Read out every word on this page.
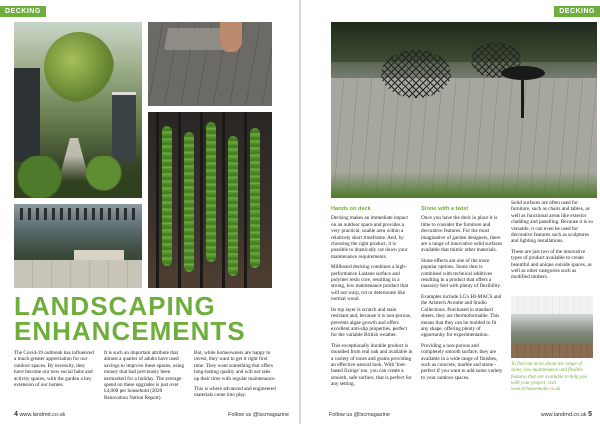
DECKING
LANDSCAPING
ENHANCEMENTS

The Covid-19 outbreak has influenced a much greater appreciation for our outdoor spaces. By necessity, they have become our new social hubs and activity spaces, with the garden a key extension of our homes.

It is such an important attribute that almost a quarter of adults have used savings to improve these spaces, using money that had previously been earmarked for a holiday. The average spend on these upgrades is just over £4,000 per household (2020 Renovation Nation Report).

But, while homeowners are happy to invest, they want to get it right first time. They want something that offers long-lasting quality and will not take up their time with regular maintenance.

This is where advanced and engineered materials come into play.

4 www.landmd.co.uk	Follow us @lscmagazine
DECKING
Hands on deck

Decking makes an immediate impact on an outdoor space and provides a very practical, usable area within a relatively short timeframe. And, by choosing the right product, it is possible to drastically cut down your maintenance requirements.

Millboard decking combines a high-performance Lastane surface and polymer resin core, resulting in a strong, low maintenance product that will not warp, rot or deteriorate like normal wood.

Its top layer is scratch and stain resistant and, because it is non-porous, prevents algae growth and offers excellent anti-slip properties, perfect for the variable British weather.

This exceptionally durable product is moulded from real oak and available in a variety of tones and grains providing an effective natural look. With 'foot-based fixings' too, you can create a smooth, safe surface, that is perfect for any setting.

Stone with a twist

Once you have the deck in place it is time to consider the furniture and decorative features. For the most imaginative of garden designers, there are a range of innovative solid surfaces available that mimic other materials.

Stone effects are one of the more popular options. Stone dust is combined with technical additives resulting in a product that offers a masonry feel with plenty of flexibility.

Examples include LG's HI-MACS and the Aristech Avonite and Studio Collections. Purchased in standard sheets, they are thermoformable. This means that they can be molded to fit any shape, offering plenty of opportunity for experimentation.

Providing a non-porous and completely smooth surface, they are available in a wide range of finishes, such as concrete, marble and stone - perfect if you want to add some variety to your outdoor spaces.

Solid surfaces are often used for furniture, such as chairs and tables, as well as functional areas like exterior cladding and panelling. Because it is so versatile, it can even be used for decorative features such as sculptures and lighting installations.

These are just two of the innovative types of product available to create beautiful and unique outside spaces, as well as other categories such as modified timbers.

To find out more about the range of stone, low maintenance and flexible features that are available to help you with your project, visit www.brhaseemake.co.uk
Follow us @lscmagazine	www.landmd.co.uk 5
